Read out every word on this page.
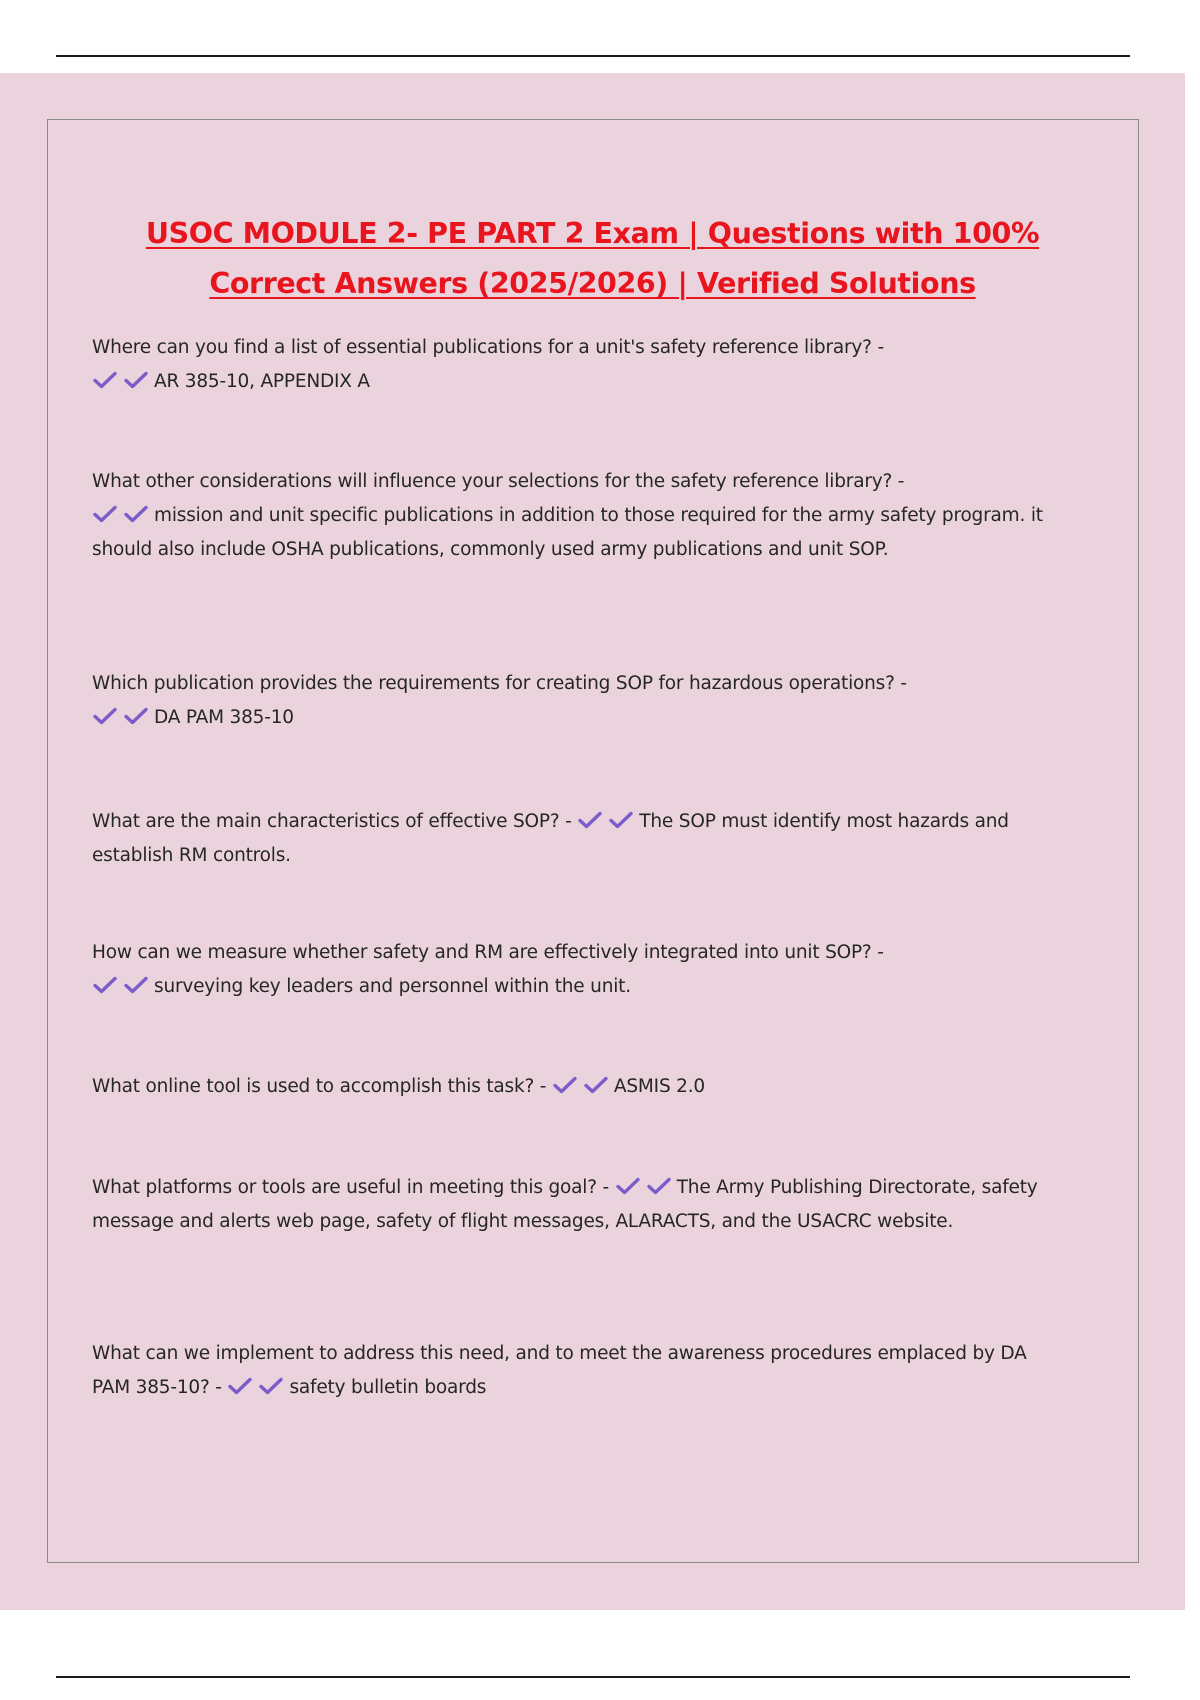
USOC MODULE 2- PE PART 2 Exam | Questions with 100%
Correct Answers (2025/2026) | Verified Solutions

Where can you find a list of essential publications for a unit's safety reference library? -

AR 385-10, APPENDIX A

What other considerations will influence your selections for the safety reference library? -

mission and unit specific publications in addition to those required for the army safety program. it should also include OSHA publications, commonly used army publications and unit SOP.

Which publication provides the requirements for creating SOP for hazardous operations? -

DA PAM 385-10

What are the main characteristics of effective SOP? -	The SOP must identify most hazards and establish RM controls.

How can we measure whether safety and RM are effectively integrated into unit SOP? -

surveying key leaders and personnel within the unit.

What online tool is used to accomplish this task? -	ASMIS 2.0

What platforms or tools are useful in meeting this goal? -	The Army Publishing Directorate, safety message and alerts web page, safety of flight messages, ALARACTS, and the USACRC website.

What can we implement to address this need, and to meet the awareness procedures emplaced by DA PAM 385-10? -	safety bulletin boards
